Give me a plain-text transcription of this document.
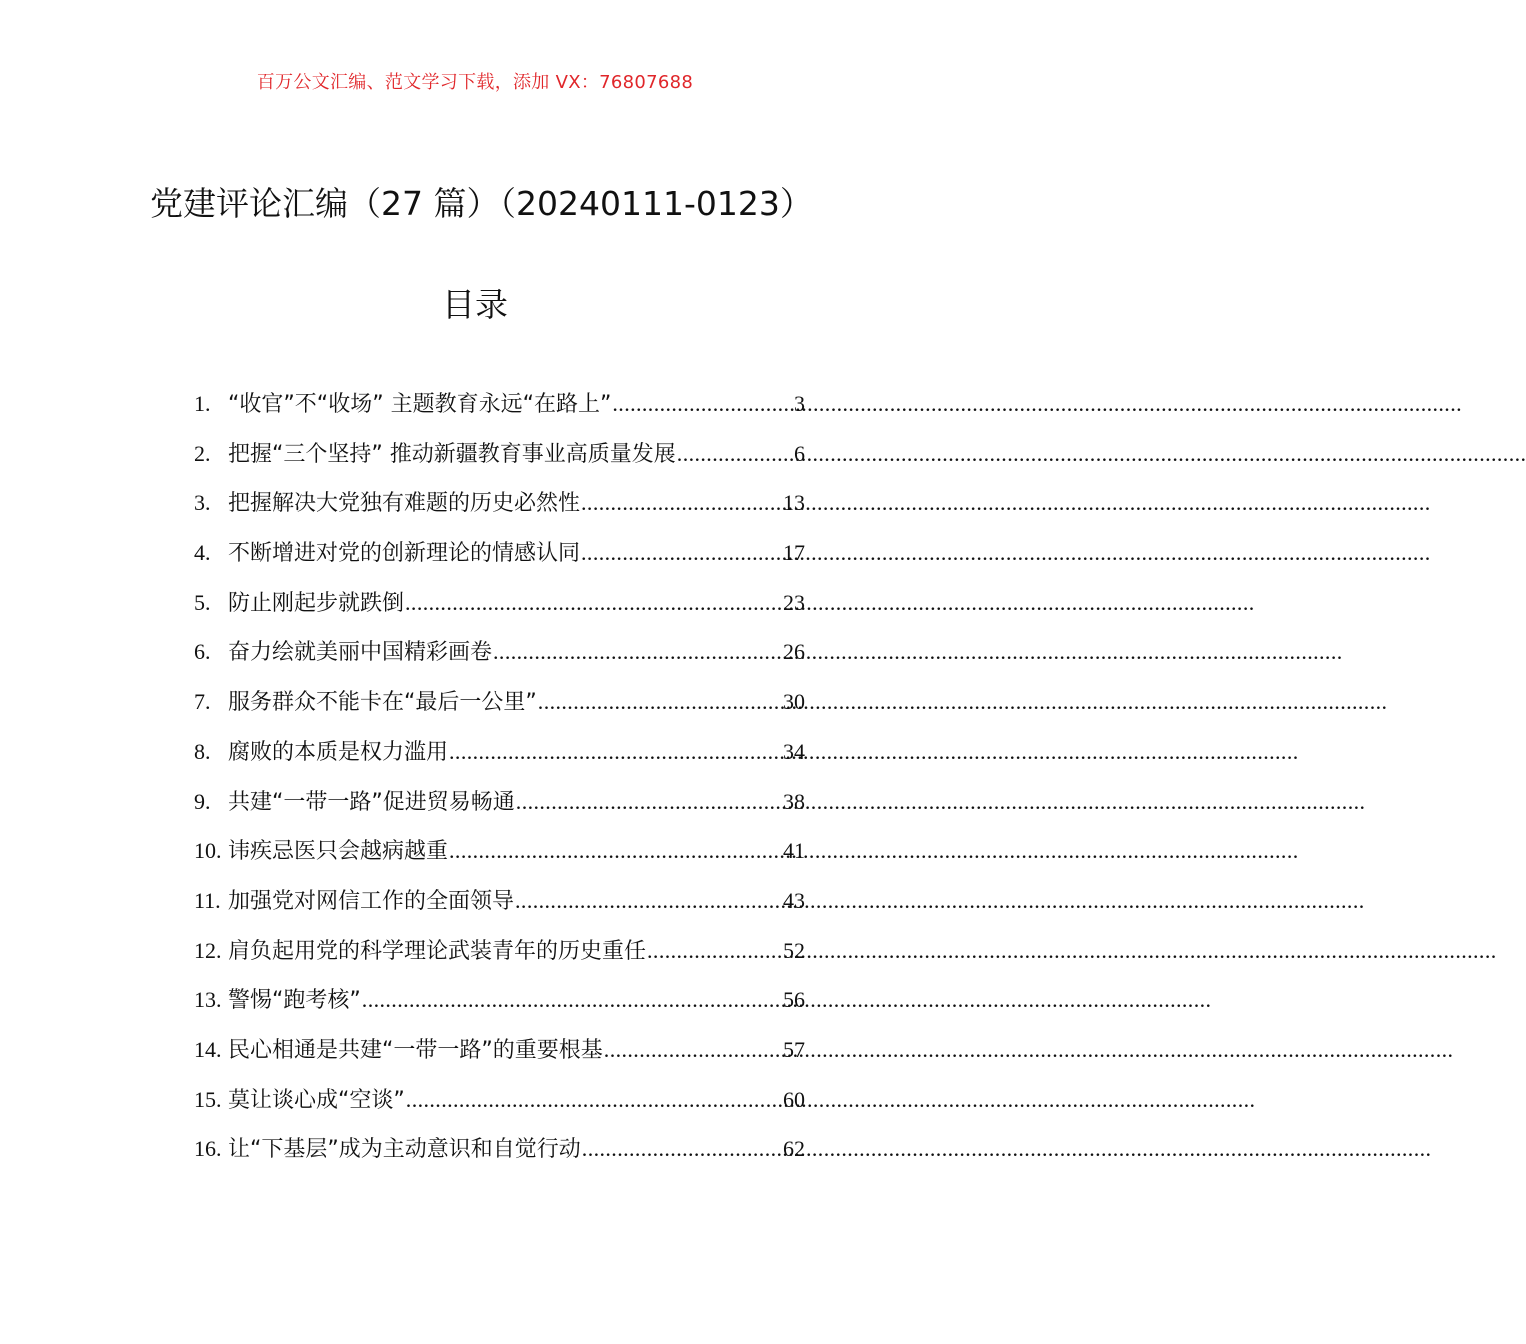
百万公文汇编、范文学习下载，添加 VX：76807688
党建评论汇编（27 篇）（20240111-0123）
目录
1. “收官”不“收场” 主题教育永远“在路上” .....	3
2. 把握“三个坚持” 推动新疆教育事业高质量发展 .....	6
3. 把握解决大党独有难题的历史必然性 .....	13
4. 不断增进对党的创新理论的情感认同 .....	17
5. 防止刚起步就跌倒 .....	23
6. 奋力绘就美丽中国精彩画卷 .....	26
7. 服务群众不能卡在“最后一公里” .....	30
8. 腐败的本质是权力滥用 .....	34
9. 共建“一带一路”促进贸易畅通 .....	38
10. 讳疾忌医只会越病越重 .....	41
11. 加强党对网信工作的全面领导 .....	43
12. 肩负起用党的科学理论武装青年的历史重任 .....	52
13. 警惕“跑考核” .....	56
14. 民心相通是共建“一带一路”的重要根基 .....	57
15. 莫让谈心成“空谈” .....	60
16. 让“下基层”成为主动意识和自觉行动 .....	62
